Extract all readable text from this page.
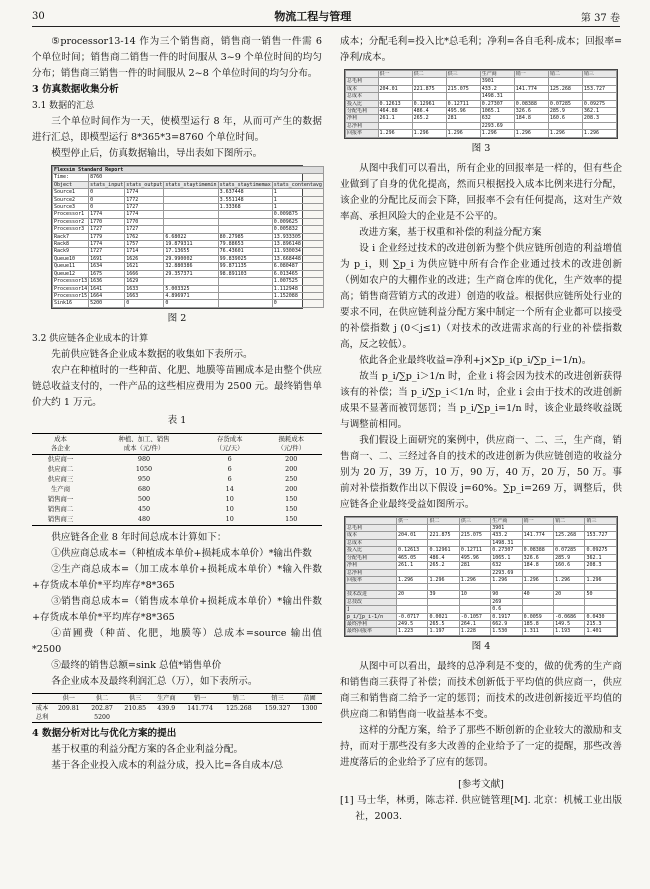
30	物流工程与管理	第 37 卷

⑤processor13-14 作为三个销售商，销售商一销售一件需 6 个单位时间；销售商二销售一件的时间服从 3~9 个单位时间的均匀分布；销售商三销售一件的时间服从 2~8 个单位时间的均匀分布。

3 仿真数据收集分析

3.1 数据的汇总

三个单位时间作为一天，使模型运行 8 年，从而可产生的数据进行汇总，即模型运行 8*365*3=8760 个单位时间。

模型停止后，仿真数据输出，导出表如下图所示。

Flexsim Standard Report					
Time:	8760				
Object	stats_input	stats_output	stats_staytimemin	stats_staytimemax	stats_contentavg
Source1	0	1774		3.637448	1
Source2	0	1772		3.551148	1
Source3	0	1727		1.33368	1
Processor1	1774	1774			0.009875
Processor2	1770	1770			0.009625
Processor3	1727	1727			0.005832
Rack7	1779	1762	6.68022	80.27985	13.933305
Rack8	1774	1757	19.879311	79.88653	13.896148
Rack9	1727	1714	17.13655	76.43601	11.930034
Queue10	1691	1626	29.990002	99.839025	13.668448
Queue11	1634	1621	32.880386	99.871135	6.080487
Queue12	1675	1666	29.357371	98.891103	6.013465
Processor13	1636	1629			1.007525
Processor14	1641	1633	5.003325		1.112948
Processor15	1664	1663	4.896971		1.152088
Sink16	5200	0	0		0

图 2

3.2 供应链各企业成本的计算

先前供应链各企业成本数据的收集如下表所示。

农户在种植时的一些种苗、化肥、地膜等苗圃成本是由整个供应链总收益支付的，一件产品的这些相应费用为 2500 元。最终销售单价大约 1 万元。

表 1

成本
各企业	种植、加工、销售
成本（元/件）	存货成本
（元/天）	损耗成本
（元/件）
供应商一	980	6	200
供应商二	1050	6	200
供应商三	950	6	250
生产商	680	14	200
销售商一	500	10	150
销售商二	450	10	150
销售商三	480	10	150

供应链各企业 8 年时间总成本计算如下：

①供应商总成本=（种植成本单价+损耗成本单价）*输出件数

②生产商总成本=（加工成本单价+损耗成本单价）*输入件数+存货成本单价*平均库存*8*365

③销售商总成本=（销售成本单价+损耗成本单价）*输出件数+存货成本单价*平均库存*8*365

④苗圃费（种苗、化肥，地膜等）总成本=source 输出值*2500

⑤最终的销售总额=sink 总值*销售单价

各企业成本及最终利润汇总（万），如下表所示。

	供一	供二	供三	生产商	销一	销二	销三	苗圃
成本	209.81	202.87	210.85	439.9	141.774	125.268	159.327	1300
总利		5200						

4 数据分析对比与优化方案的提出

基于权重的利益分配方案的各企业利益分配。

基于各企业投入成本的利益分成，投入比=各自成本/总

成本；分配毛利=投入比*总毛利；净利=各自毛利-成本；回报率=净利/成本。

	供一	供二	供三	生产商	销一	销二	销三
总毛利				3901			
成本	204.01	221.875	215.075	433.2	141.774	125.268	153.727
总成本				1498.31			
投入比	0.12613	0.12961	0.12711	0.27307	0.08388	0.07285	0.09275
分配毛利	464.88	486.4	495.96	1065.1	326.6	285.9	362.1
净利	261.1	265.2	281	632	184.8	160.6	208.3
总净利				2293.69			
回报率	1.296	1.296	1.296	1.296	1.296	1.296	1.296

图 3

从图中我们可以看出，所有企业的回报率是一样的，但有些企业做到了自身的优化提高，然而只根据投入成本比例来进行分配，该企业的分配比反而会下降，回报率不会有任何提高，这对生产效率高、承担风险大的企业是不公平的。

改进方案，基于权重和补偿的利益分配方案

设 i 企业经过技术的改进创新为整个供应链所创造的利益增值为 p_i，则 ∑p_i 为供应链中所有合作企业通过技术的改进创新（例如农户的大棚作业的改进；生产商仓库的优化，生产效率的提高；销售商营销方式的改进）创造的收益。根据供应链所处行业的要求不同，在供应链利益分配方案中制定一个所有企业都可以接受的补偿指数 j (0＜j≤1)（对技术的改进需求高的行业的补偿指数高，反之较低）。

依此各企业最终收益=净利+j×∑p_i(p_i/∑p_i−1/n)。

故当 p_i/∑p_i＞1/n 时，企业 i 将会因为技术的改进创新获得该有的补偿；当 p_i/∑p_i＜1/n 时，企业 i 会由于技术的改进创新成果不显著而被罚惩罚；当 p_i/∑p_i=1/n 时，该企业最终收益既与调整前相同。

我们假设上面研究的案例中，供应商一、二、三，生产商，销售商一、二、三经过各自的技术的改进创新为供应链创造的收益分别为 20 万，39 万，10 万，90 万，40 万，20 万，50 万。事前对补偿指数作出以下假设 j=60%。∑p_i=269 万，调整后，供应链各企业最终受益如图所示。

	供一	供二	供三	生产商	销一	销二	销三
总毛利				3901			
成本	204.01	221.875	215.075	433.2	141.774	125.268	153.727
总成本				1498.31			
投入比	0.12613	0.12961	0.12711	0.27307	0.08388	0.07285	0.09275
分配毛利	465.05	486.4	495.96	1065.1	326.6	285.9	362.1
净利	261.1	265.2	281	632	184.8	160.6	208.3
总净利				2293.69			
回报率	1.296	1.296	1.296	1.296	1.296	1.296	1.296

技术改进	20	39	10	90	40	20	50
总技改				269			
j				0.6			
p_i/∑p_i-1/n	-0.0717	0.0021	-0.1057	0.1917	0.0059	-0.0686	0.0430
最终净利	249.5	265.5	264.1	662.9	185.8	149.5	215.3
最终回报率	1.223	1.197	1.228	1.530	1.311	1.193	1.401

图 4

从图中可以看出，最终的总净利是不变的，做的优秀的生产商和销售商三获得了补偿；而技术创新低于平均值的供应商一，供应商三和销售商二给予一定的惩罚；而技术的改进创新接近平均值的供应商二和销售商一收益基本不变。

这样的分配方案，给予了那些不断创新的企业较大的激励和支持，而对于那些没有多大改善的企业给予了一定的提醒，那些改善进度落后的企业给予了应有的惩罚。

[参考文献]

[1] 马士华，林勇，陈志祥. 供应链管理[M]. 北京：机械工业出版社，2003.
